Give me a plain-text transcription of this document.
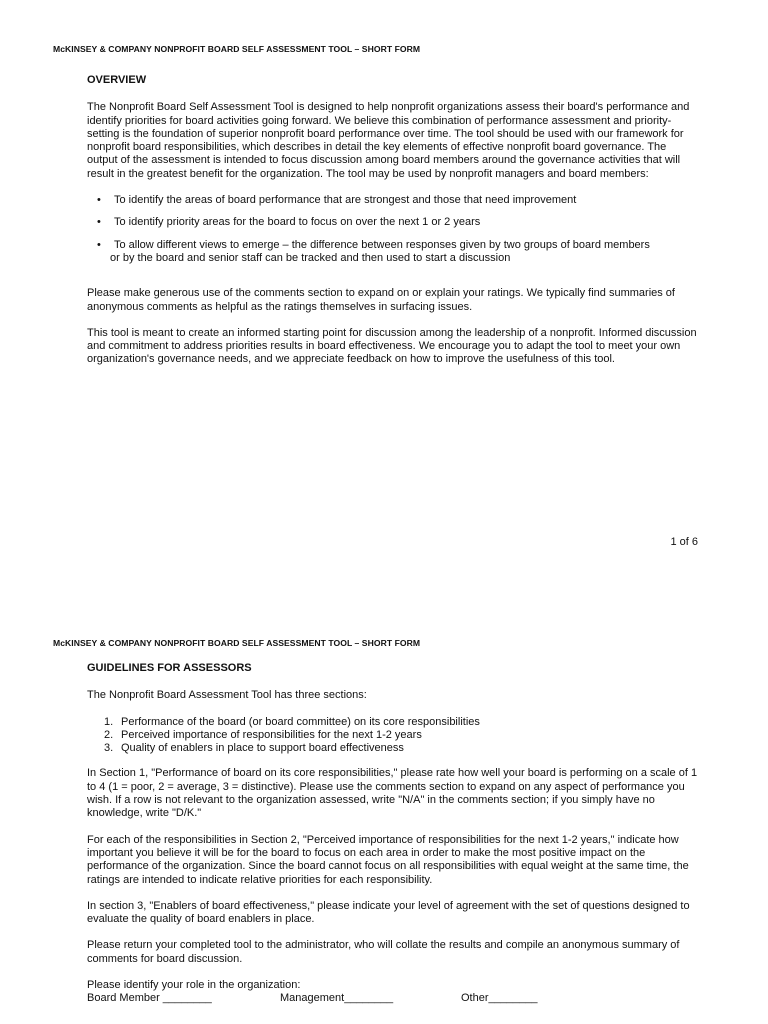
McKINSEY & COMPANY NONPROFIT BOARD SELF ASSESSMENT TOOL – SHORT FORM
OVERVIEW

The Nonprofit Board Self Assessment Tool is designed to help nonprofit organizations assess their board's performance and identify priorities for board activities going forward. We believe this combination of performance assessment and priority-setting is the foundation of superior nonprofit board performance over time. The tool should be used with our framework for nonprofit board responsibilities, which describes in detail the key elements of effective nonprofit board governance. The output of the assessment is intended to focus discussion among board members around the governance activities that will result in the greatest benefit for the organization. The tool may be used by nonprofit managers and board members:

• To identify the areas of board performance that are strongest and those that need improvement
• To identify priority areas for the board to focus on over the next 1 or 2 years
• To allow different views to emerge – the difference between responses given by two groups of board members
or by the board and senior staff can be tracked and then used to start a discussion

Please make generous use of the comments section to expand on or explain your ratings. We typically find summaries of anonymous comments as helpful as the ratings themselves in surfacing issues.

This tool is meant to create an informed starting point for discussion among the leadership of a nonprofit. Informed discussion and commitment to address priorities results in board effectiveness. We encourage you to adapt the tool to meet your own organization's governance needs, and we appreciate feedback on how to improve the usefulness of this tool.

1 of 6
McKINSEY & COMPANY NONPROFIT BOARD SELF ASSESSMENT TOOL – SHORT FORM
GUIDELINES FOR ASSESSORS

The Nonprofit Board Assessment Tool has three sections:

1. Performance of the board (or board committee) on its core responsibilities
2. Perceived importance of responsibilities for the next 1-2 years
3. Quality of enablers in place to support board effectiveness

In Section 1, "Performance of board on its core responsibilities," please rate how well your board is performing on a scale of 1 to 4 (1 = poor, 2 = average, 3 = distinctive). Please use the comments section to expand on any aspect of performance you wish. If a row is not relevant to the organization assessed, write "N/A" in the comments section; if you simply have no knowledge, write "D/K."

For each of the responsibilities in Section 2, "Perceived importance of responsibilities for the next 1-2 years," indicate how important you believe it will be for the board to focus on each area in order to make the most positive impact on the performance of the organization. Since the board cannot focus on all responsibilities with equal weight at the same time, the ratings are intended to indicate relative priorities for each responsibility.

In section 3, "Enablers of board effectiveness," please indicate your level of agreement with the set of questions designed to evaluate the quality of board enablers in place.

Please return your completed tool to the administrator, who will collate the results and compile an anonymous summary of comments for board discussion.

Please identify your role in the organization:
Board Member ________	Management________	Other________
